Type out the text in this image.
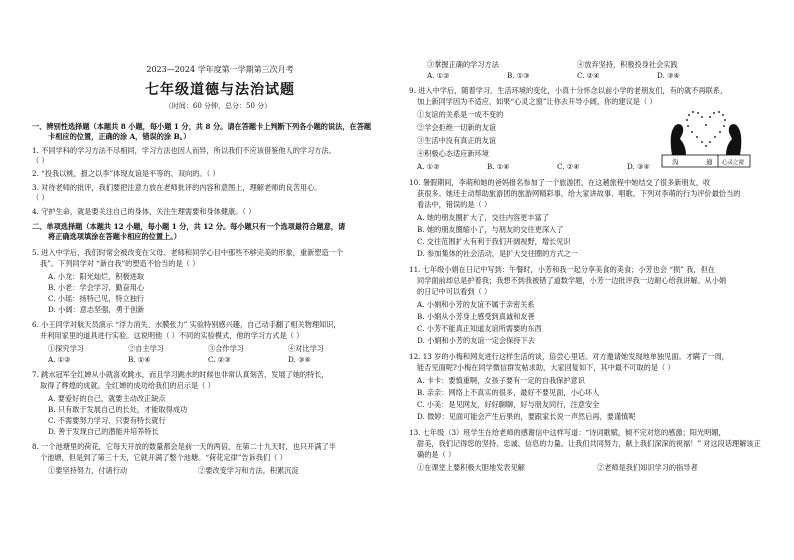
2023—2024 学年度第一学期第三次月考
七年级道德与法治试题
（时间：60 分钟，总分：50 分）
一、辨别性选择题（本题共 8 小题，每小题 1 分，共 8 分。请在答题卡上判断下列各小题的说法，在答题
卡相应的位置，正确的涂 A，错误的涂 B。）
1. 不同学科的学习方法不尽相同，学习方法也因人而异，所以我们不应该借鉴他人的学习方法。
（ ）
2. “投我以桃，报之以李”体现友谊是平等的、双向的。（ ）
3. 对待老师的批评，我们要把注意力放在老师批评的内容和意图上，理解老师的良苦用心。
（ ）
4. 守护生命，就是要关注自己的身体，关注生理需要和身体健康。（ ）
二、单项选择题（本题共 12 小题，每小题 1 分，共 12 分。每小题只有一个选项最符合题意，请
将正确选项填涂在答题卡相应的位置上。）
5. 进入中学后，我们时常会被改变在父母、老师和同学心目中那些不够完美的形象，重新塑造一个
我”。下列同学对 “新自我”的塑造不恰当的是（ ）
A. 小龙：阳光灿烂，积极进取
B. 小老：学会学习，勤奋用心
C. 小瑶：扬特己见，特立独行
D. 小阔：意志坚强，勇于创新
6. 小王同学对航天员演示 “浮力消失、水膜张力” 实验特别感兴趣，自己动手翻了相关物理知识，
并利用家里的道具进行实验。这说明他（ ）不同的实验模式，他的学习方式是（ ）
①探究学习	②自主学习	③合作学习	④对比学习
A. ①②	B. ①④	C. ②③	D. ③④
7. 跳水冠军全红婵从小就喜欢跳水，而且学习跳水的时候也非常认真刻苦，发展了她的特长，
取得了辉煌的成就。全红婵的成功给我们的启示是（ ）
A. 要爱好的自己，就要主动改正缺点
B. 只有敢于发展自己的长处，才能取得成功
C. 不需要努力学习，只要有特长就行
D. 善于发现自己的潜能并培养特长
8. 一个池塘里的荷花，它每天开放的数量都会是前一天的两倍，在第二十九天时，也只开满了半
个池塘，但是到了第三十天，它就开满了整个池塘。“荷花定律”告诉我们（ ）
①要坚持努力，付诸行动	②要改变学习和方法，积累沉淀
③掌握正确的学习方法	④放弃坚持，积极投身社会实践
A. ①②	B. ①③	C. ②④	D. ③④
9. 进入中学后，随着学习、生活环境的变化，小真十分怀念以前小学的老朋友们，有的就不再联系，
加上新同学因为不适应，如果“心灵之窗”让你去开导小阔，你的建议是（ ）
①友谊的关系是一成不变的
②学会拒绝一切新的友谊
③生活中没有真正的友谊
④积极心态适应新环境
A. ①②	B. ①④	C. ②④	D. ③④
10. 暑假期间，李萌和她的爸妈报名参加了一个旅游团，在这趟旅程中她结交了很多新朋友，收
获很多。她还主动帮助旅游团的旅游网精彩事，给大家讲故事、唱歌。下列对李萌的行为评价最恰当的
看法中，错误的是（ ）
A. 她的朋友圈扩大了，交往内容更丰富了
B. 她的朋友圈缩小了，与朋友的交往更深入了
C. 交往范围扩大有利于我们开阔视野，增长见识
D. 参加集体的社会活动，是扩大交往圈的方式之一
11. 七年级小娟在日记中写到：午餐时，小芳和我一起分享美食的美食；小芳也会 “损” 我，但在
同学面前却总是护着我；我想不到我被错了道数学题，小芳一边批评我一边耐心给我讲解。从小娟
的日记中可以看到（ ）
A. 小娟和小芳的友谊不属于亲密关系
B. 小娟从小芳身上感受到真诚和友善
C. 小芳不能真正知道友谊所需要的东西
D. 小娟和小芳的友谊一定会保持下去
12. 13 岁的小梅和网友进行这样生活的谈，倍尝心里话。对方邀请她发现地单独见面。才瞒了一周，
能否见面呢?小梅在同学微信群发帖求助，大家回复如下，其中最不可取的是（ ）
A. 卡卡：要慎重啊，女孩子要有一定的自我保护意识
B. 亲亲：网络上不真实的很多，最好不要见面，小心坏人
C. 小美：是见网友，好好聊聊，好与朋友同行，注意安全
D. 微婷：见面可能会产生后果的，要跟家长说一声然后再，要谨慎呢
13. 七年级（3）班学生在给老师的感谢信中这样写道：“诗词歌赋，倾不完对您的感激；阳光明媚，
甜美，我们记得您的坚持、忠诚、信息的力量。让我们共同努力，献上我们深深的祝福！” 对这段话理解该正
确的是（ ）
①在课堂上要积极大胆地发表见解	②老师是我们知识学习的指导者
沟	通 心灵之窗
